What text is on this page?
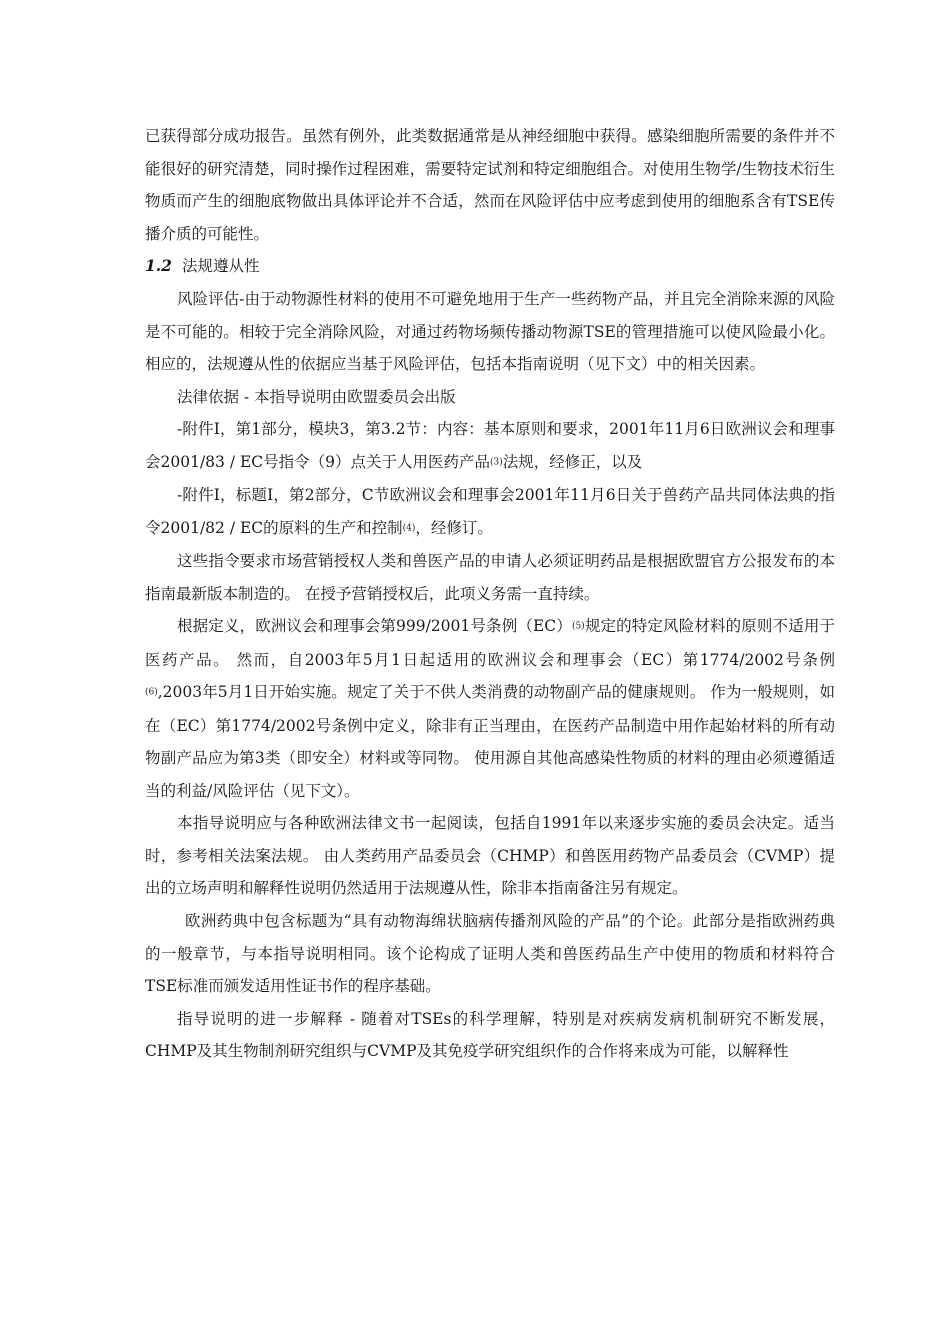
已获得部分成功报告。虽然有例外，此类数据通常是从神经细胞中获得。感染细胞所需要的条件并不能很好的研究清楚，同时操作过程困难，需要特定试剂和特定细胞组合。对使用生物学/生物技术衍生物质而产生的细胞底物做出具体评论并不合适，然而在风险评估中应考虑到使用的细胞系含有TSE传播介质的可能性。

1.2 法规遵从性

风险评估-由于动物源性材料的使用不可避免地用于生产一些药物产品，并且完全消除来源的风险是不可能的。相较于完全消除风险，对通过药物场频传播动物源TSE的管理措施可以使风险最小化。相应的，法规遵从性的依据应当基于风险评估，包括本指南说明（见下文）中的相关因素。

法律依据 - 本指导说明由欧盟委员会出版

-附件I，第1部分，模块3，第3.2节：内容：基本原则和要求，2001年11月6日欧洲议会和理事会2001/83 / EC号指令（9）点关于人用医药产品(3)法规，经修正，以及

-附件I，标题I，第2部分，C节欧洲议会和理事会2001年11月6日关于兽药产品共同体法典的指令2001/82 / EC的原料的生产和控制(4)，经修订。

这些指令要求市场营销授权人类和兽医产品的申请人必须证明药品是根据欧盟官方公报发布的本指南最新版本制造的。 在授予营销授权后，此项义务需一直持续。

根据定义，欧洲议会和理事会第999/2001号条例（EC）(5)规定的特定风险材料的原则不适用于医药产品。 然而，自2003年5月1日起适用的欧洲议会和理事会（EC）第1774/2002号条例(6),2003年5月1日开始实施。规定了关于不供人类消费的动物副产品的健康规则。 作为一般规则，如在（EC）第1774/2002号条例中定义，除非有正当理由，在医药产品制造中用作起始材料的所有动物副产品应为第3类（即安全）材料或等同物。 使用源自其他高感染性物质的材料的理由必须遵循适当的利益/风险评估（见下文）。

本指导说明应与各种欧洲法律文书一起阅读，包括自1991年以来逐步实施的委员会决定。适当时，参考相关法案法规。 由人类药用产品委员会（CHMP）和兽医用药物产品委员会（CVMP）提出的立场声明和解释性说明仍然适用于法规遵从性，除非本指南备注另有规定。

欧洲药典中包含标题为“具有动物海绵状脑病传播剂风险的产品”的个论。此部分是指欧洲药典的一般章节，与本指导说明相同。该个论构成了证明人类和兽医药品生产中使用的物质和材料符合TSE标准而颁发适用性证书作的程序基础。

指导说明的进一步解释 - 随着对TSEs的科学理解，特别是对疾病发病机制研究不断发展，CHMP及其生物制剂研究组织与CVMP及其免疫学研究组织作的合作将来成为可能，以解释性
